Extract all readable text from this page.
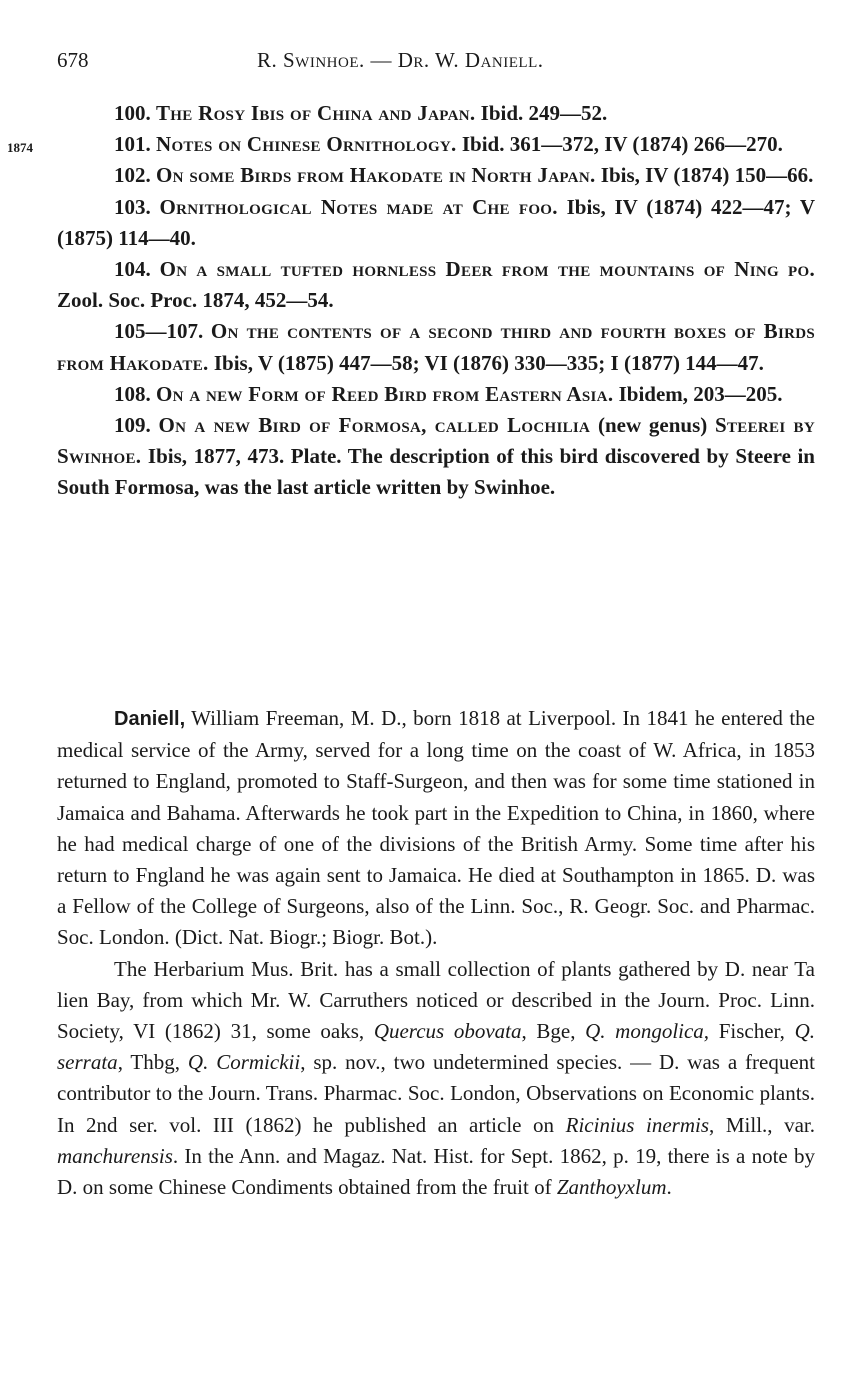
678	R. Swinhoe. — Dr. W. Daniell.
1874

100. The Rosy Ibis of China and Japan. Ibid. 249—52.

101. Notes on Chinese Ornithology. Ibid. 361—372, IV (1874) 266—270.

102. On some Birds from Hakodate in North Japan. Ibis, IV (1874) 150—66.

103. Ornithological Notes made at Che foo. Ibis, IV (1874) 422—47; V (1875) 114—40.

104. On a small tufted hornless Deer from the mountains of Ning po. Zool. Soc. Proc. 1874, 452—54.

105—107. On the contents of a second third and fourth boxes of Birds from Hakodate. Ibis, V (1875) 447—58; VI (1876) 330—335; I (1877) 144—47.

108. On a new Form of Reed Bird from Eastern Asia. Ibidem, 203—205.

109. On a new Bird of Formosa, called Lochilia (new genus) Steerei by Swinhoe. Ibis, 1877, 473. Plate. The description of this bird discovered by Steere in South Formosa, was the last article written by Swinhoe.

Daniell, William Freeman, M. D., born 1818 at Liverpool. In 1841 he entered the medical service of the Army, served for a long time on the coast of W. Africa, in 1853 returned to England, promoted to Staff-Surgeon, and then was for some time stationed in Jamaica and Bahama. Afterwards he took part in the Expedition to China, in 1860, where he had medical charge of one of the divisions of the British Army. Some time after his return to Fngland he was again sent to Jamaica. He died at Southampton in 1865. D. was a Fellow of the College of Surgeons, also of the Linn. Soc., R. Geogr. Soc. and Pharmac. Soc. London. (Dict. Nat. Biogr.; Biogr. Bot.).

The Herbarium Mus. Brit. has a small collection of plants gathered by D. near Ta lien Bay, from which Mr. W. Carruthers noticed or described in the Journ. Proc. Linn. Society, VI (1862) 31, some oaks, Quercus obovata, Bge, Q. mongolica, Fischer, Q. serrata, Thbg, Q. Cormickii, sp. nov., two undetermined species. — D. was a frequent contributor to the Journ. Trans. Pharmac. Soc. London, Observations on Economic plants. In 2nd ser. vol. III (1862) he published an article on Ricinius inermis, Mill., var. manchurensis. In the Ann. and Magaz. Nat. Hist. for Sept. 1862, p. 19, there is a note by D. on some Chinese Condiments obtained from the fruit of Zanthoyxlum.
